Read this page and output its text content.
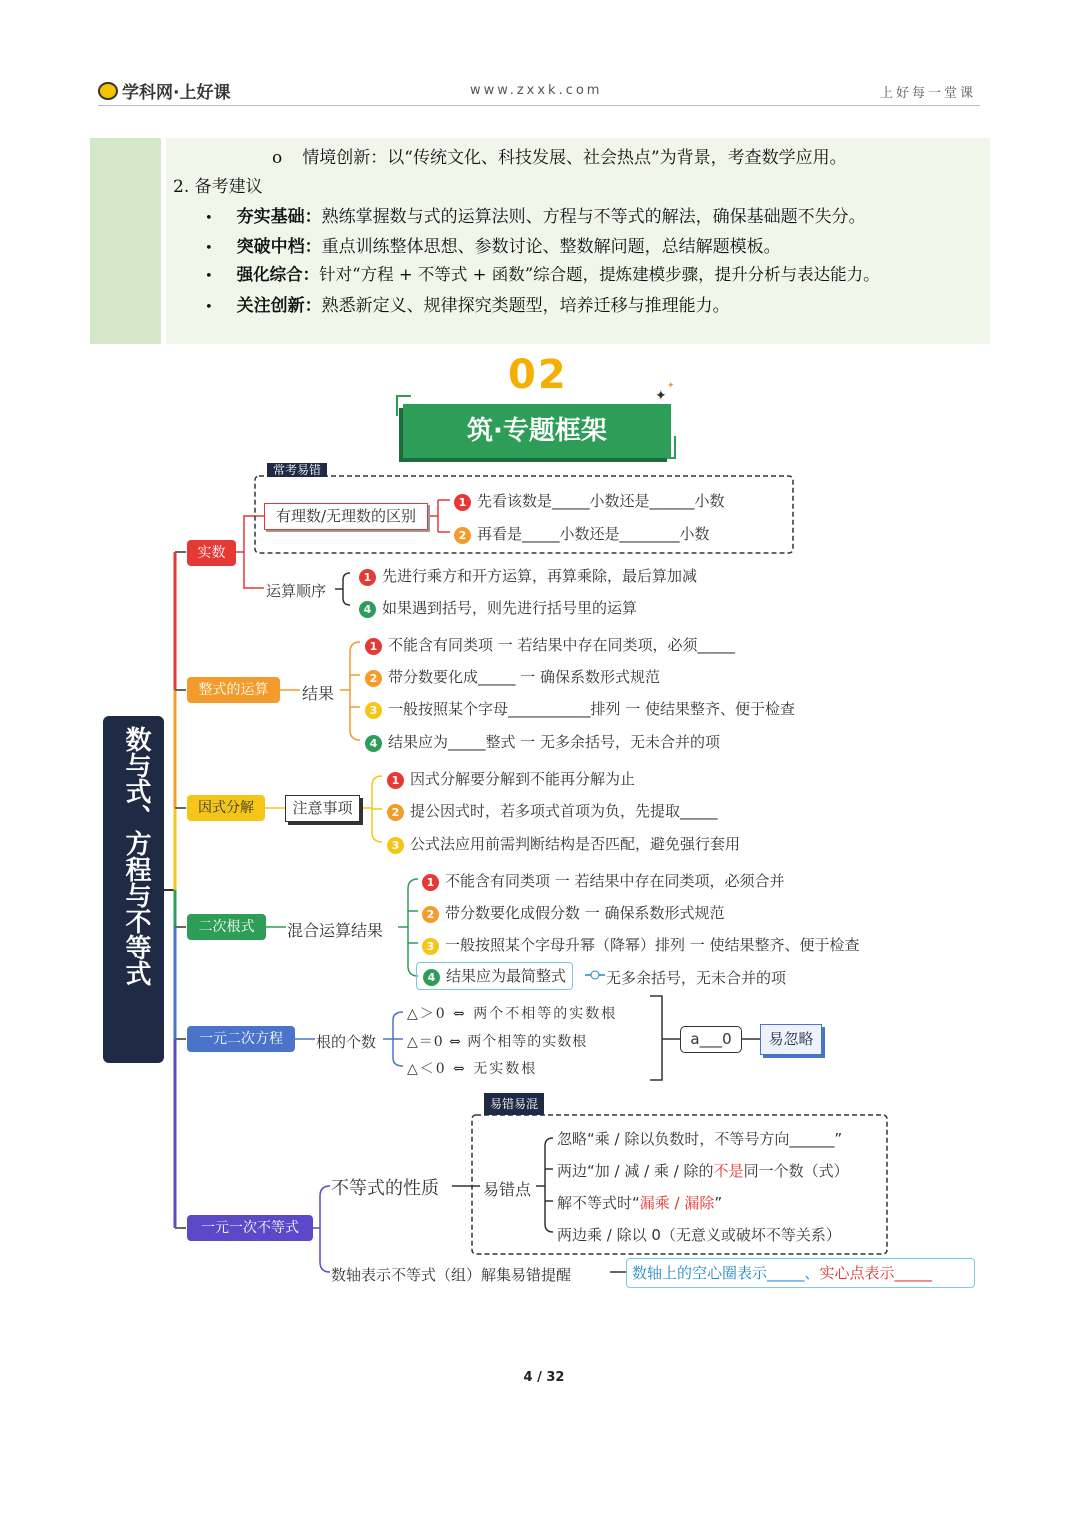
学科网·上好课	www.zxxk.com	上好每一堂课
o 情境创新：以“传统文化、科技发展、社会热点”为背景，考查数学应用。
2. 备考建议
• 夯实基础：熟练掌握数与式的运算法则、方程与不等式的解法，确保基础题不失分。
• 突破中档：重点训练整体思想、参数讨论、整数解问题，总结解题模板。
• 强化综合：针对“方程 + 不等式 + 函数”综合题，提炼建模步骤，提升分析与表达能力。
• 关注创新：熟悉新定义、规律探究类题型，培养迁移与推理能力。
02	✦
✦
筑·专题框架
数与式、方程与不等式
实数
常考易错
有理数/无理数的区别
1 先看该数是_____小数还是______小数
2 再看是_____小数还是________小数
运算顺序
1 先进行乘方和开方运算，再算乘除，最后算加减
4 如果遇到括号，则先进行括号里的运算
整式的运算	结果
1 不能含有同类项 一 若结果中存在同类项，必须_____
2 带分数要化成_____ 一 确保系数形式规范
3 一般按照某个字母___________排列 一 使结果整齐、便于检查
4 结果应为_____整式 一 无多余括号，无未合并的项
因式分解	注意事项
1 因式分解要分解到不能再分解为止
2 提公因式时，若多项式首项为负，先提取_____
3 公式法应用前需判断结构是否匹配，避免强行套用
二次根式	混合运算结果
1 不能含有同类项 一 若结果中存在同类项，必须合并
2 带分数要化成假分数 一 确保系数形式规范
3 一般按照某个字母升幂（降幂）排列 一 使结果整齐、便于检查
4 结果应为最简整式	无多余括号，无未合并的项
一元二次方程	根的个数
△＞0 ⇔ 两个不相等的实数根
△＝0 ⇔ 两个相等的实数根
△＜0 ⇔ 无实数根
a___0	易忽略
一元一次不等式
易错易混
不等式的性质	易错点
忽略“乘 / 除以负数时，不等号方向______”
两边“加 / 减 / 乘 / 除的不是同一个数（式）
解不等式时“漏乘 / 漏除”
两边乘 / 除以 0（无意义或破坏不等关系）
数轴表示不等式（组）解集易错提醒	数轴上的空心圈表示_____、实心点表示_____
4 / 32
